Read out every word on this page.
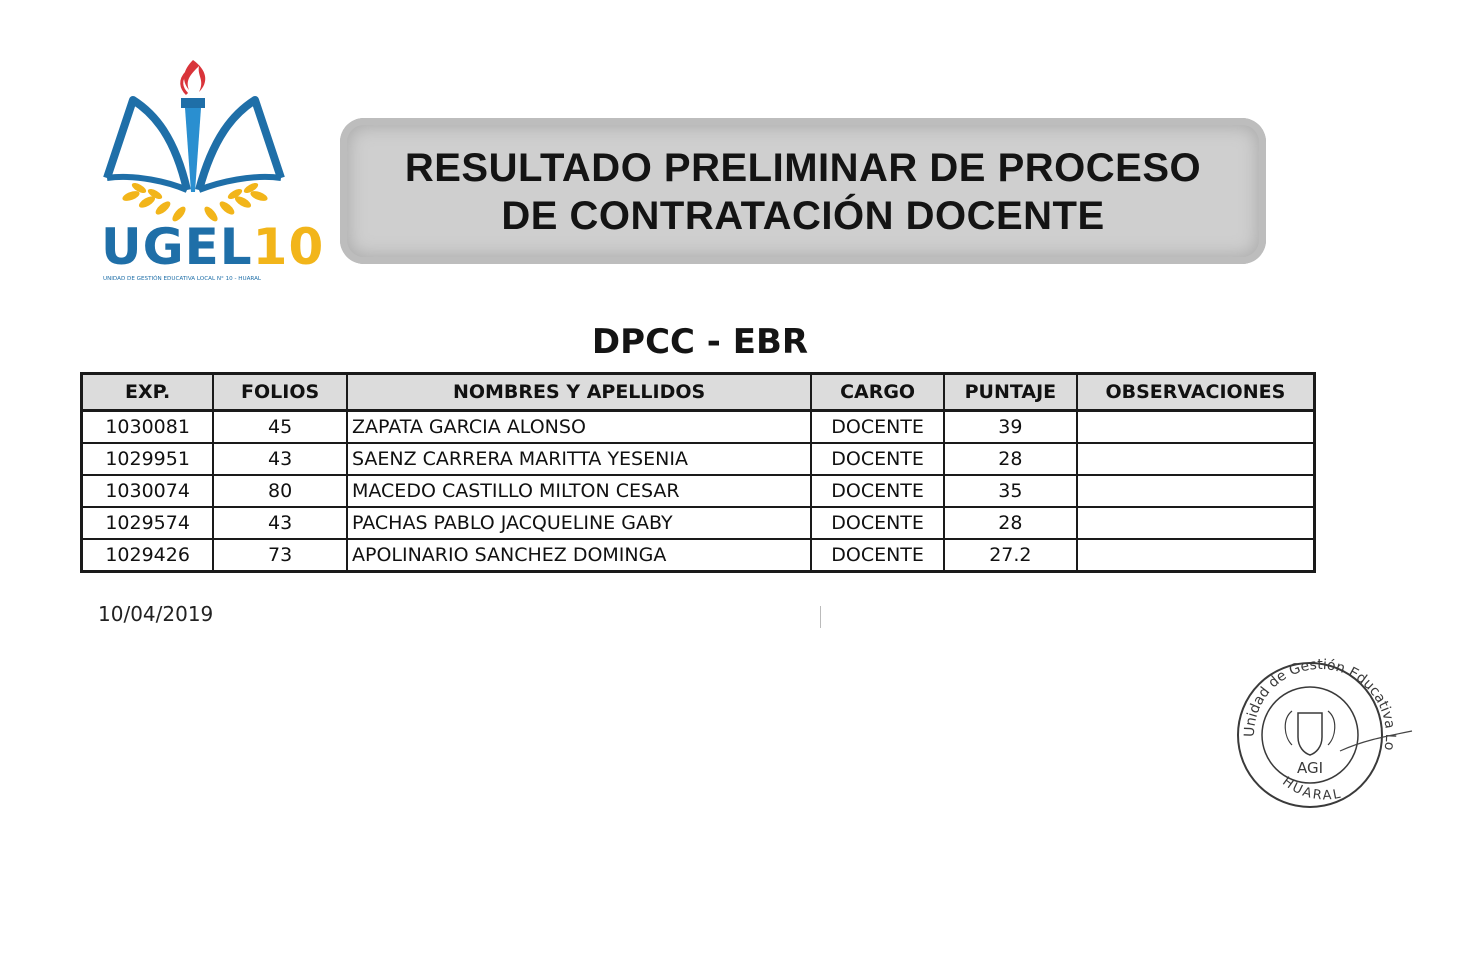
UGEL10
UNIDAD DE GESTIÓN EDUCATIVA LOCAL N° 10 - HUARAL
RESULTADO PRELIMINAR DE PROCESO
DE CONTRATACIÓN DOCENTE
DPCC - EBR
EXP.	FOLIOS	NOMBRES Y APELLIDOS	CARGO	PUNTAJE	OBSERVACIONES
1030081	45	ZAPATA GARCIA ALONSO	DOCENTE	39	
1029951	43	SAENZ CARRERA MARITTA YESENIA	DOCENTE	28	
1030074	80	MACEDO CASTILLO MILTON CESAR	DOCENTE	35	
1029574	43	PACHAS PABLO JACQUELINE GABY	DOCENTE	28	
1029426	73	APOLINARIO SANCHEZ DOMINGA	DOCENTE	27.2	
10/04/2019
Unidad de Gestión Educativa Lo
HUARAL
AGI
